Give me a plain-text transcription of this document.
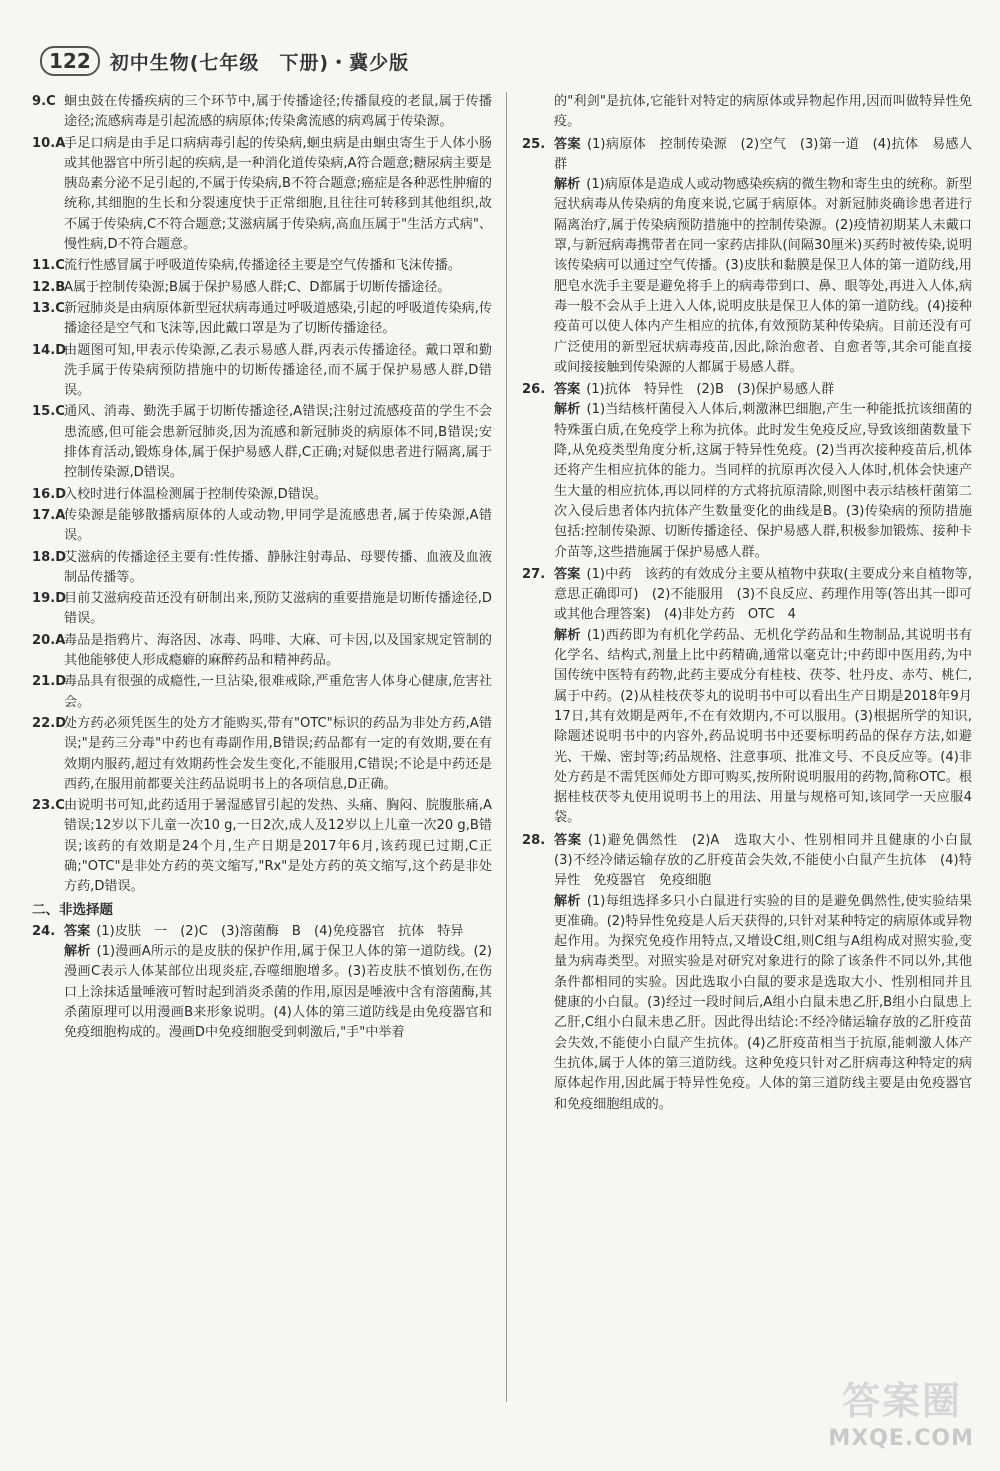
122	初中生物(七年级　下册)・冀少版
9.C 蛔虫鼓在传播疾病的三个环节中,属于传播途径;传播鼠疫的老鼠,属于传播途径;流感病毒是引起流感的病原体;传染禽流感的病鸡属于传染源。
10.A
手足口病是由手足口病病毒引起的传染病,蛔虫病是由蛔虫寄生于人体小肠或其他器官中所引起的疾病,是一种消化道传染病,A符合题意;糖尿病主要是胰岛素分泌不足引起的,不属于传染病,B不符合题意;癌症是各种恶性肿瘤的统称,其细胞的生长和分裂速度快于正常细胞,且往往可转移到其他组织,故不属于传染病,C不符合题意;艾滋病属于传染病,高血压属于"生活方式病"、慢性病,D不符合题意。
11.C 流行性感冒属于呼吸道传染病,传播途径主要是空气传播和飞沫传播。
12.B
A属于控制传染源;B属于保护易感人群;C、D都属于切断传播途径。
13.C 新冠肺炎是由病原体新型冠状病毒通过呼吸道感染,引起的呼吸道传染病,传播途径是空气和飞沫等,因此戴口罩是为了切断传播途径。
14.D
由题图可知,甲表示传染源,乙表示易感人群,丙表示传播途径。戴口罩和勤洗手属于传染病预防措施中的切断传播途径,而不属于保护易感人群,D错误。
15.C 通风、消毒、勤洗手属于切断传播途径,A错误;注射过流感疫苗的学生不会患流感,但可能会患新冠肺炎,因为流感和新冠肺炎的病原体不同,B错误;安排体育活动,锻炼身体,属于保护易感人群,C正确;对疑似患者进行隔离,属于控制传染源,D错误。
16.D
入校时进行体温检测属于控制传染源,D错误。
17.A
传染源是能够散播病原体的人或动物,甲同学是流感患者,属于传染源,A错误。
18.D
艾滋病的传播途径主要有:性传播、静脉注射毒品、母婴传播、血液及血液制品传播等。
19.D
目前艾滋病疫苗还没有研制出来,预防艾滋病的重要措施是切断传播途径,D错误。
20.A
毒品是指鸦片、海洛因、冰毒、吗啡、大麻、可卡因,以及国家规定管制的其他能够使人形成瘾癖的麻醉药品和精神药品。
21.D
毒品具有很强的成瘾性,一旦沾染,很难戒除,严重危害人体身心健康,危害社会。
22.D
处方药必须凭医生的处方才能购买,带有"OTC"标识的药品为非处方药,A错误;"是药三分毒"中药也有毒副作用,B错误;药品都有一定的有效期,要在有效期内服药,超过有效期药性会发生变化,不能服用,C错误;不论是中药还是西药,在服用前都要关注药品说明书上的各项信息,D正确。
23.C 由说明书可知,此药适用于暑湿感冒引起的发热、头痛、胸闷、脘腹胀痛,A错误;12岁以下儿童一次10 g,一日2次,成人及12岁以上儿童一次20 g,B错误;该药的有效期是24个月,生产日期是2017年6月,该药现已过期,C正确;"OTC"是非处方药的英文缩写,"Rx"是处方药的英文缩写,这个药是非处方药,D错误。
二、非选择题
24. 答案 (1)皮肤　一　(2)C　(3)溶菌酶　B　(4)免疫器官　抗体　特异
解析 (1)漫画A所示的是皮肤的保护作用,属于保卫人体的第一道防线。(2)漫画C表示人体某部位出现炎症,吞噬细胞增多。(3)若皮肤不慎划伤,在伤口上涂抹适量唾液可暂时起到消炎杀菌的作用,原因是唾液中含有溶菌酶,其杀菌原理可以用漫画B来形象说明。(4)人体的第三道防线是由免疫器官和免疫细胞构成的。漫画D中免疫细胞受到刺激后,"手"中举着
的"利剑"是抗体,它能针对特定的病原体或异物起作用,因而叫做特异性免疫。
25. 答案 (1)病原体　控制传染源　(2)空气　(3)第一道　(4)抗体　易感人群
解析 (1)病原体是造成人或动物感染疾病的微生物和寄生虫的统称。新型冠状病毒从传染病的角度来说,它属于病原体。对新冠肺炎确诊患者进行隔离治疗,属于传染病预防措施中的控制传染源。(2)疫情初期某人未戴口罩,与新冠病毒携带者在同一家药店排队(间隔30厘米)买药时被传染,说明该传染病可以通过空气传播。(3)皮肤和黏膜是保卫人体的第一道防线,用肥皂水洗手主要是避免将手上的病毒带到口、鼻、眼等处,再进入人体,病毒一般不会从手上进入人体,说明皮肤是保卫人体的第一道防线。(4)接种疫苗可以使人体内产生相应的抗体,有效预防某种传染病。目前还没有可广泛使用的新型冠状病毒疫苗,因此,除治愈者、自愈者等,其余可能直接或间接接触到传染源的人都属于易感人群。
26. 答案 (1)抗体　特异性　(2)B　(3)保护易感人群
解析 (1)当结核杆菌侵入人体后,刺激淋巴细胞,产生一种能抵抗该细菌的特殊蛋白质,在免疫学上称为抗体。此时发生免疫反应,导致该细菌数量下降,从免疫类型角度分析,这属于特异性免疫。(2)当再次接种疫苗后,机体还将产生相应抗体的能力。当同样的抗原再次侵入人体时,机体会快速产生大量的相应抗体,再以同样的方式将抗原清除,则图中表示结核杆菌第二次入侵后患者体内抗体产生数量变化的曲线是B。(3)传染病的预防措施包括:控制传染源、切断传播途径、保护易感人群,积极参加锻炼、接种卡介苗等,这些措施属于保护易感人群。
27. 答案 (1)中药　该药的有效成分主要从植物中获取(主要成分来自植物等,意思正确即可)　(2)不能服用　(3)不良反应、药理作用等(答出其一即可或其他合理答案)　(4)非处方药　OTC　4
解析 (1)西药即为有机化学药品、无机化学药品和生物制品,其说明书有化学名、结构式,剂量上比中药精确,通常以毫克计;中药即中医用药,为中国传统中医特有药物,此药主要成分有桂枝、茯苓、牡丹皮、赤芍、桃仁,属于中药。(2)从桂枝茯苓丸的说明书中可以看出生产日期是2018年9月17日,其有效期是两年,不在有效期内,不可以服用。(3)根据所学的知识,除题述说明书中的内容外,药品说明书中还要标明药品的保存方法,如避光、干燥、密封等;药品规格、注意事项、批准文号、不良反应等。(4)非处方药是不需凭医师处方即可购买,按所附说明服用的药物,简称OTC。根据桂枝茯苓丸使用说明书上的用法、用量与规格可知,该同学一天应服4袋。
28. 答案 (1)避免偶然性　(2)A　选取大小、性别相同并且健康的小白鼠　(3)不经冷储运输存放的乙肝疫苗会失效,不能使小白鼠产生抗体　(4)特异性　免疫器官　免疫细胞
解析 (1)每组选择多只小白鼠进行实验的目的是避免偶然性,使实验结果更准确。(2)特异性免疫是人后天获得的,只针对某种特定的病原体或异物起作用。为探究免疫作用特点,又增设C组,则C组与A组构成对照实验,变量为病毒类型。对照实验是对研究对象进行的除了该条件不同以外,其他条件都相同的实验。因此选取小白鼠的要求是选取大小、性别相同并且健康的小白鼠。(3)经过一段时间后,A组小白鼠未患乙肝,B组小白鼠患上乙肝,C组小白鼠未患乙肝。因此得出结论:不经冷储运输存放的乙肝疫苗会失效,不能使小白鼠产生抗体。(4)乙肝疫苗相当于抗原,能刺激人体产生抗体,属于人体的第三道防线。这种免疫只针对乙肝病毒这种特定的病原体起作用,因此属于特异性免疫。人体的第三道防线主要是由免疫器官和免疫细胞组成的。
答案圈
MXQE.COM
